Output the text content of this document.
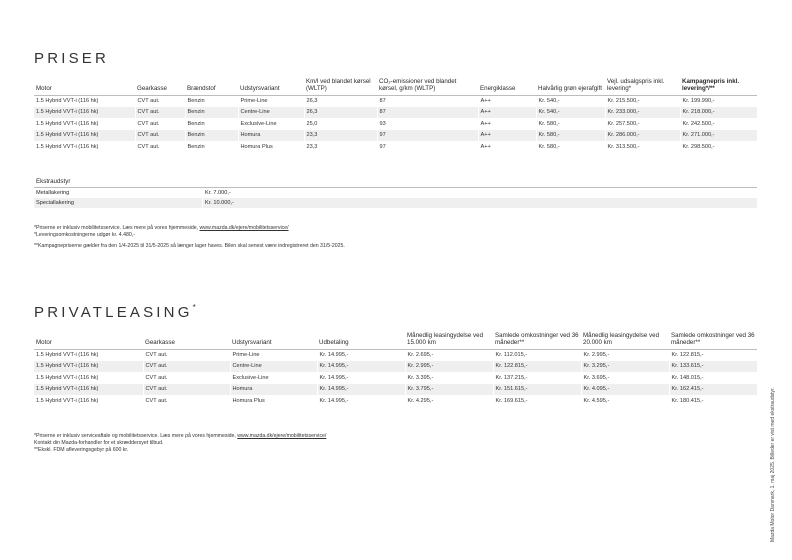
PRISER
Motor	Gearkasse	Brændstof	Udstyrsvariant	Km/l ved blandet kørsel (WLTP)	CO₂-emissioner ved blandet kørsel, g/km (WLTP)	Energiklasse	Halvårlig grøn ejerafgift	Vejl. udsalgspris inkl. levering*	Kampagnepris inkl. levering*/**
1.5 Hybrid VVT-i (116 hk)	CVT aut.	Benzin	Prime-Line	26,3	87	A++	Kr. 540,-	Kr. 215.500,-	Kr. 199.990,-
1.5 Hybrid VVT-i (116 hk)	CVT aut.	Benzin	Centre-Line	26,3	87	A++	Kr. 540,-	Kr. 233.000,-	Kr. 218.000,-
1.5 Hybrid VVT-i (116 hk)	CVT aut.	Benzin	Exclusive-Line	25,0	93	A++	Kr. 580,-	Kr. 257.500,-	Kr. 242.500,-
1.5 Hybrid VVT-i (116 hk)	CVT aut.	Benzin	Homura	23,3	97	A++	Kr. 580,-	Kr. 286.000,-	Kr. 271.000,-
1.5 Hybrid VVT-i (116 hk)	CVT aut.	Benzin	Homura Plus	23,3	97	A++	Kr. 580,-	Kr. 313.500,-	Kr. 298.500,-
Ekstraudstyr
Metallakering	Kr. 7.000,-
Speciallakering	Kr. 10.000,-
*Priserne er inklusiv mobilitetsservice. Læs mere på vores hjemmeside, www.mazda.dk/ejere/mobilitetsservice/
*Leveringsomkostningerne udgør kr. 4.480,-
**Kampagnepriserne gælder fra den 1/4-2025 til 31/5-2025 så længer lager haves. Bilen skal senest være indregistreret den 31/5-2025.
PRIVATLEASING*
Motor	Gearkasse	Udstyrsvariant	Udbetaling	Månedlig leasingydelse ved 15.000 km	Samlede omkostninger ved 36 måneder**	Månedlig leasingydelse ved 20.000 km	Samlede omkostninger ved 36 måneder**
1.5 Hybrid VVT-i (116 hk)	CVT aut.	Prime-Line	Kr. 14.995,-	Kr. 2.695,-	Kr. 112.015,-	Kr. 2.995,-	Kr. 122.815,-
1.5 Hybrid VVT-i (116 hk)	CVT aut.	Centre-Line	Kr. 14.995,-	Kr. 2.995,-	Kr. 122.815,-	Kr. 3.295,-	Kr. 133.615,-
1.5 Hybrid VVT-i (116 hk)	CVT aut.	Exclusive-Line	Kr. 14.995,-	Kr. 3.395,-	Kr. 137.215,-	Kr. 3.695,-	Kr. 148.015,-
1.5 Hybrid VVT-i (116 hk)	CVT aut.	Homura	Kr. 14.995,-	Kr. 3.795,-	Kr. 151.615,-	Kr. 4.095,-	Kr. 162.415,-
1.5 Hybrid VVT-i (116 hk)	CVT aut.	Homura Plus	Kr. 14.995,-	Kr. 4.295,-	Kr. 169.615,-	Kr. 4.595,-	Kr. 180.415,-
*Priserne er inklusiv serviceaftale og mobilitetsservice. Læs mere på vores hjemmeside, www.mazda.dk/ejere/mobilitetsservice/
Kontakt din Mazda-forhandler for et skræddersyet tilbud.
**Ekskl. FDM afleveringsgebyr på 600 kr.	Mazda Motor Danmark, 1. maj 2025. Billeder er vist med ekstraudstyr.
